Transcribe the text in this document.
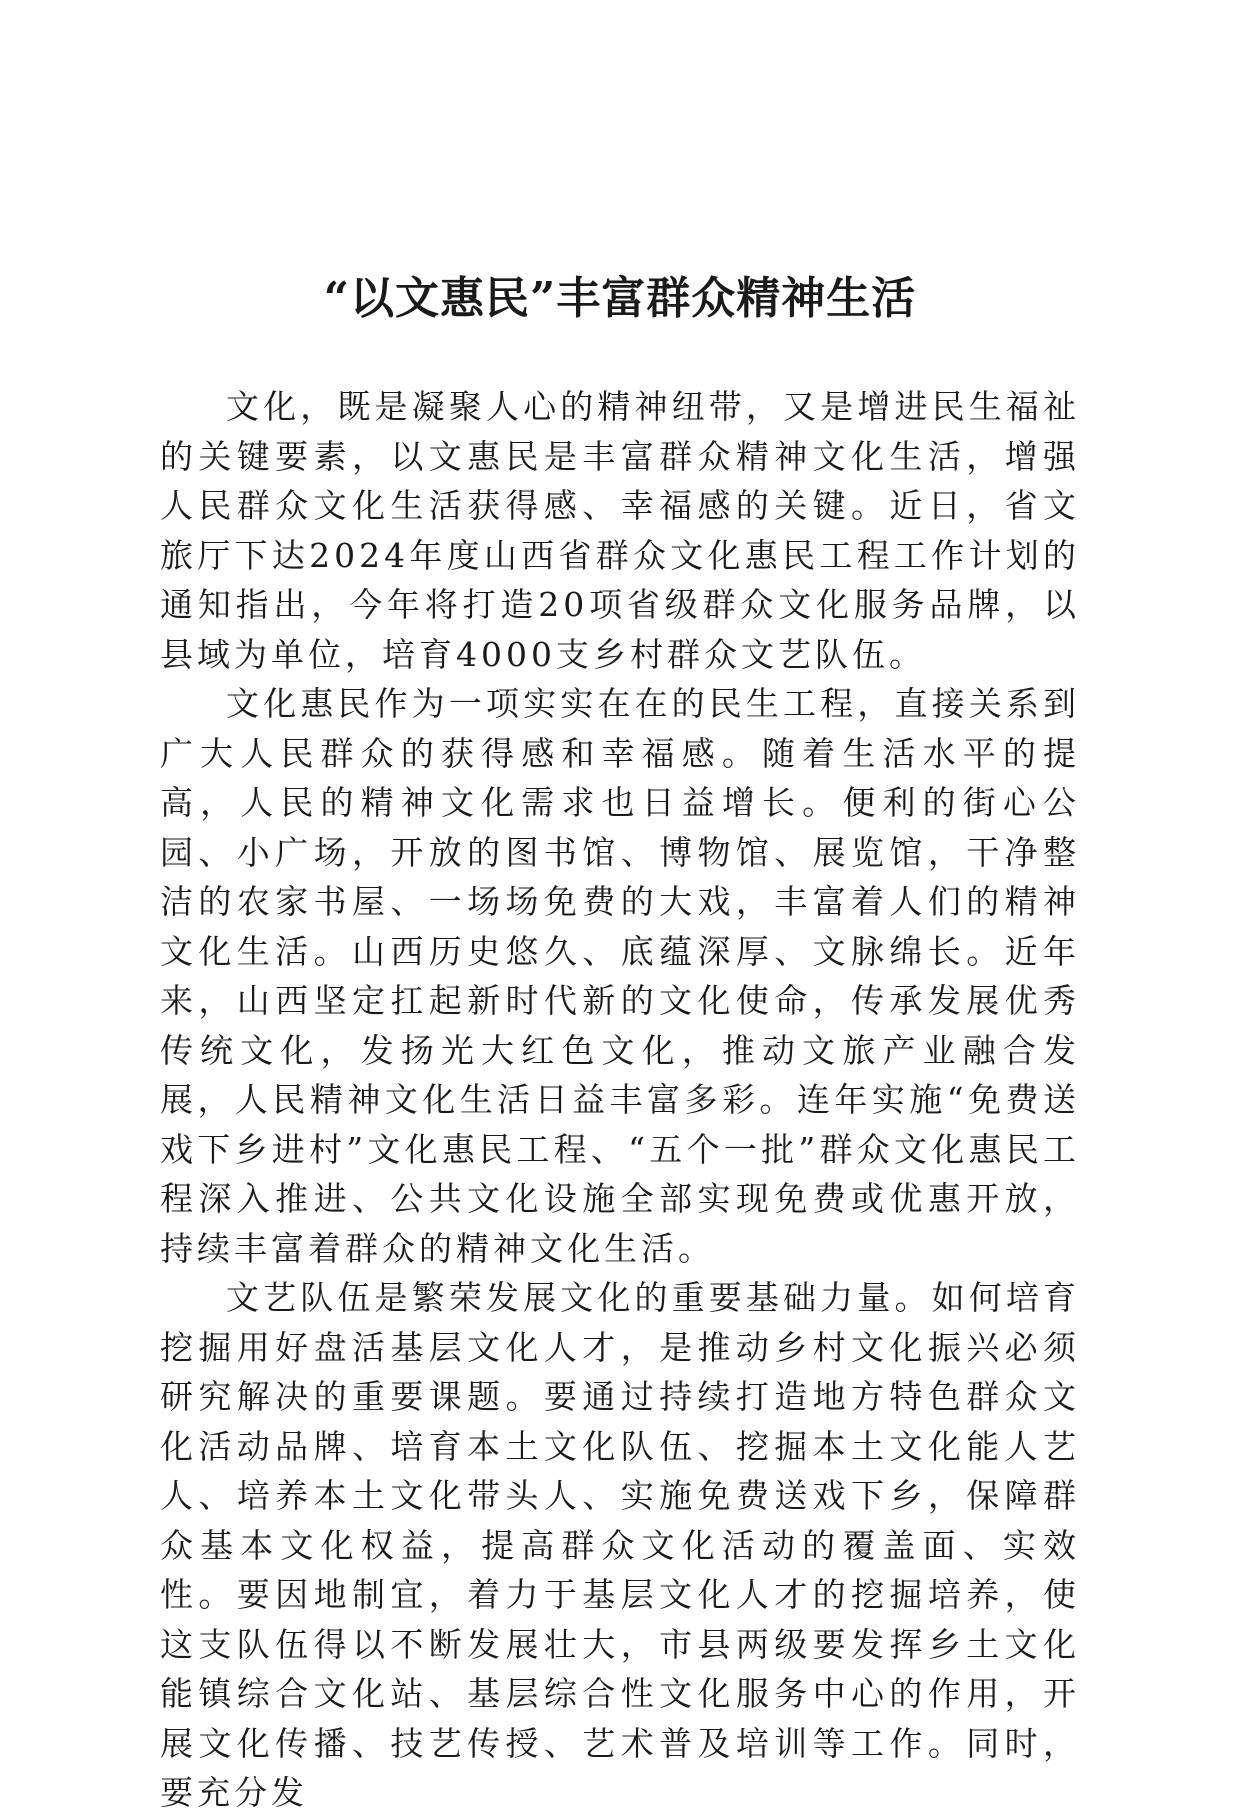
“以文惠民”丰富群众精神生活

文化，既是凝聚人心的精神纽带，又是增进民生福祉的关键要素，以文惠民是丰富群众精神文化生活，增强人民群众文化生活获得感、幸福感的关键。近日，省文旅厅下达2024年度山西省群众文化惠民工程工作计划的通知指出，今年将打造20项省级群众文化服务品牌，以县域为单位，培育4000支乡村群众文艺队伍。

文化惠民作为一项实实在在的民生工程，直接关系到广大人民群众的获得感和幸福感。随着生活水平的提高，人民的精神文化需求也日益增长。便利的街心公园、小广场，开放的图书馆、博物馆、展览馆，干净整洁的农家书屋、一场场免费的大戏，丰富着人们的精神文化生活。山西历史悠久、底蕴深厚、文脉绵长。近年来，山西坚定扛起新时代新的文化使命，传承发展优秀传统文化，发扬光大红色文化，推动文旅产业融合发展，人民精神文化生活日益丰富多彩。连年实施“免费送戏下乡进村”文化惠民工程、“五个一批”群众文化惠民工程深入推进、公共文化设施全部实现免费或优惠开放，持续丰富着群众的精神文化生活。

文艺队伍是繁荣发展文化的重要基础力量。如何培育挖掘用好盘活基层文化人才，是推动乡村文化振兴必须研究解决的重要课题。要通过持续打造地方特色群众文化活动品牌、培育本土文化队伍、挖掘本土文化能人艺人、培养本土文化带头人、实施免费送戏下乡，保障群众基本文化权益，提高群众文化活动的覆盖面、实效性。要因地制宜，着力于基层文化人才的挖掘培养，使这支队伍得以不断发展壮大，市县两级要发挥乡土文化能镇综合文化站、基层综合性文化服务中心的作用，开展文化传播、技艺传授、艺术普及培训等工作。同时，要充分发
